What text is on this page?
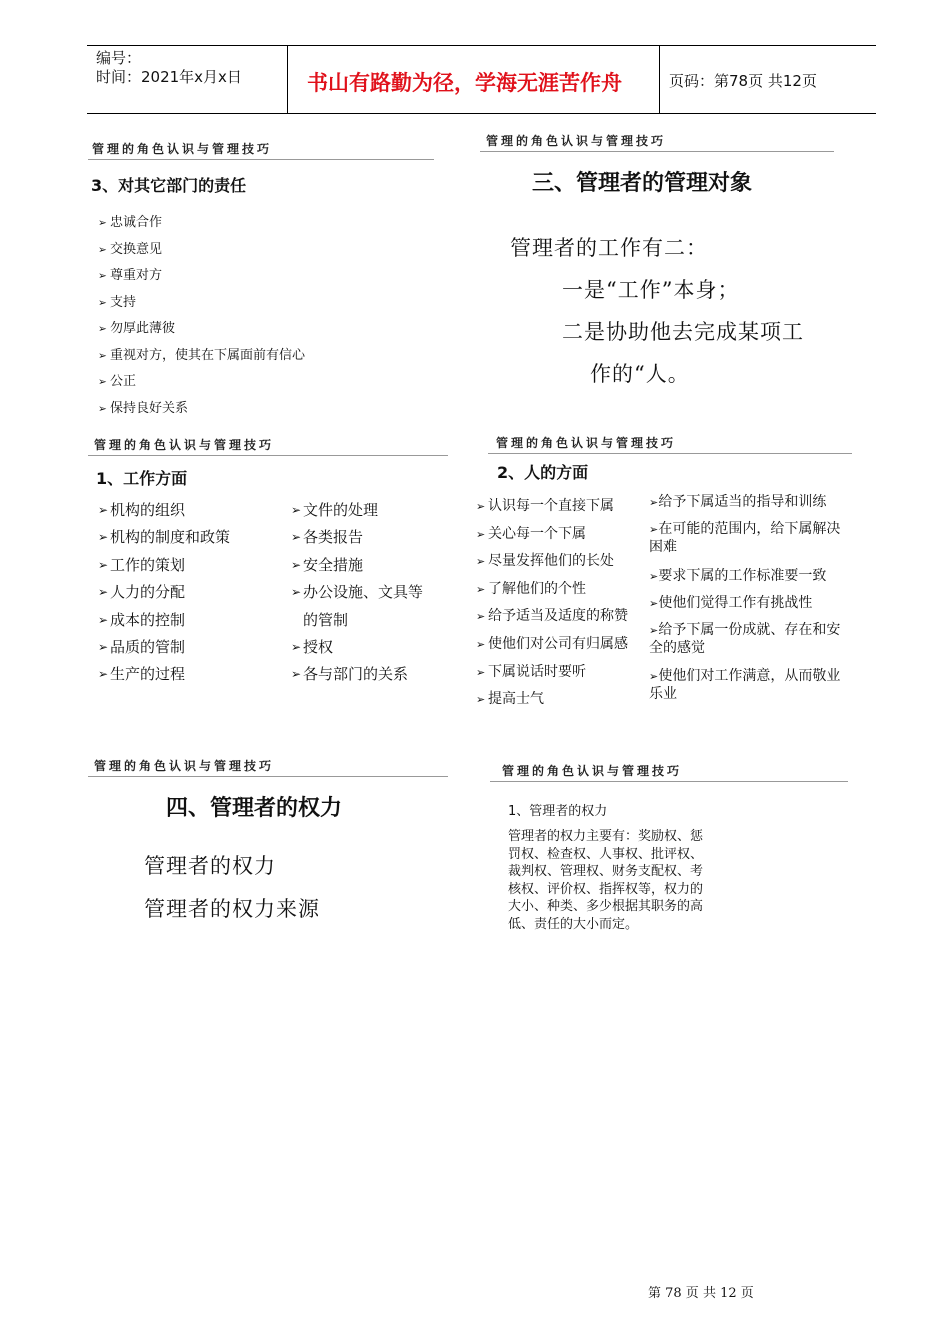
编号：
时间：2021年x月x日	书山有路勤为径，学海无涯苦作舟	页码：第78页 共12页
管理的角色认识与管理技巧
3、对其它部门的责任
➢ 忠诚合作
➢ 交换意见
➢ 尊重对方
➢ 支持
➢ 勿厚此薄彼
➢ 重视对方，使其在下属面前有信心
➢ 公正
➢ 保持良好关系
管理的角色认识与管理技巧
三、管理者的管理对象
管理者的工作有二：
一是“工作”本身；
二是协助他去完成某项工
作的“人。
管理的角色认识与管理技巧
1、工作方面
➢ 机构的组织
➢ 机构的制度和政策
➢ 工作的策划
➢ 人力的分配
➢ 成本的控制
➢ 品质的管制
➢ 生产的过程
➢ 文件的处理
➢ 各类报告
➢ 安全措施
➢ 办公设施、文具等
的管制
➢ 授权
➢ 各与部门的关系
管理的角色认识与管理技巧
2、人的方面
➢ 认识每一个直接下属
➢ 关心每一个下属
➢ 尽量发挥他们的长处
➢ 了解他们的个性
➢ 给予适当及适度的称赞
➢ 使他们对公司有归属感
➢ 下属说话时要听
➢ 提高士气
➢给予下属适当的指导和训练
➢在可能的范围内，给下属解决
困难
➢要求下属的工作标准要一致
➢使他们觉得工作有挑战性
➢给予下属一份成就、存在和安
全的感觉
➢使他们对工作满意，从而敬业
乐业
管理的角色认识与管理技巧
四、管理者的权力
管理者的权力
管理者的权力来源
管理的角色认识与管理技巧
1、管理者的权力
管理者的权力主要有：奖励权、惩
罚权、检查权、人事权、批评权、
裁判权、管理权、财务支配权、考
核权、评价权、指挥权等，权力的
大小、种类、多少根据其职务的高
低、责任的大小而定。
第 78 页 共 12 页
